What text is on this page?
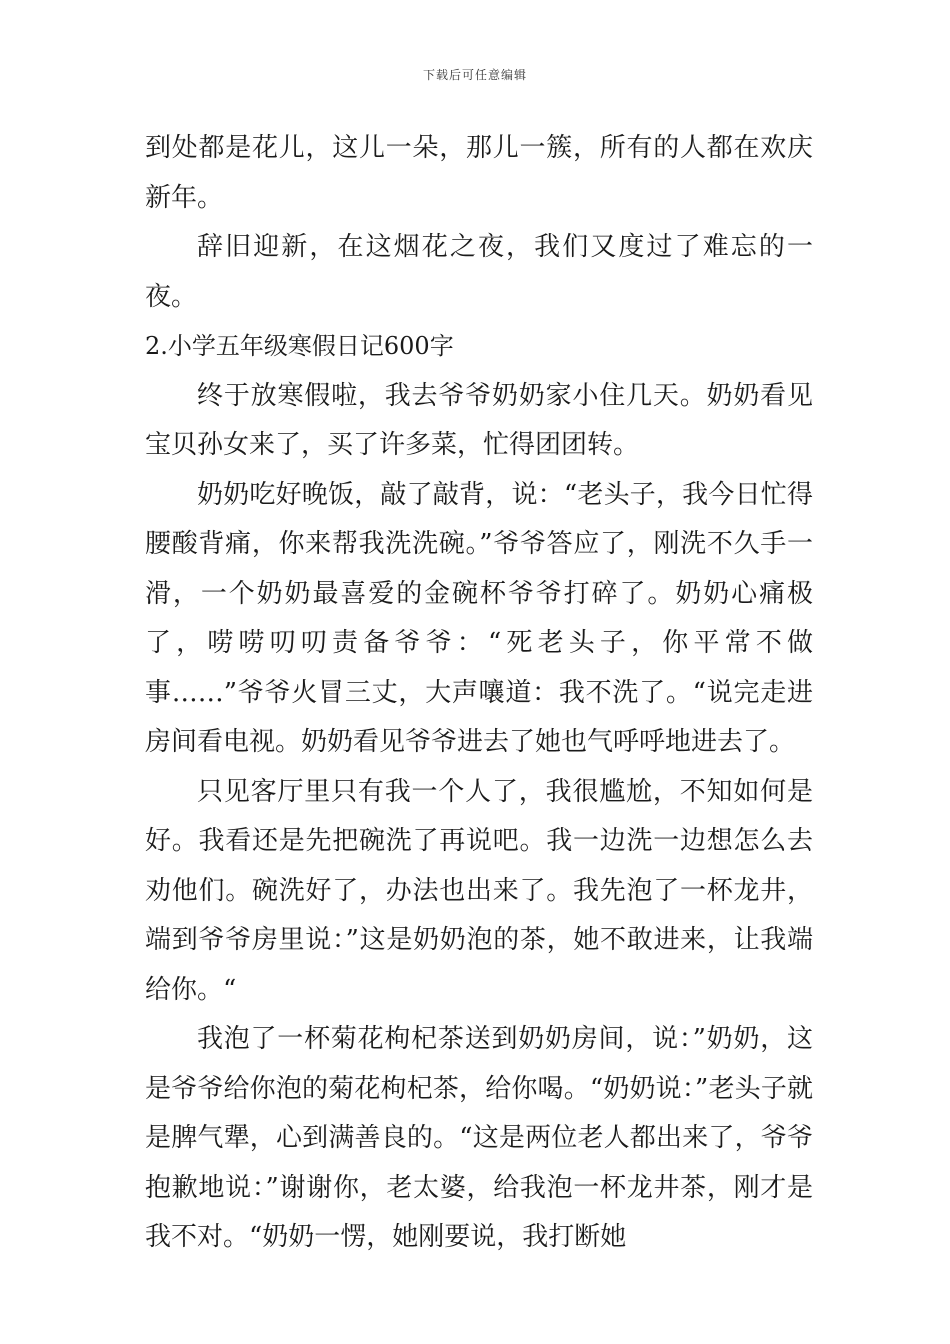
下载后可任意编辑

到处都是花儿，这儿一朵，那儿一簇，所有的人都在欢庆新年。

辞旧迎新，在这烟花之夜，我们又度过了难忘的一夜。

2.小学五年级寒假日记600字

终于放寒假啦，我去爷爷奶奶家小住几天。奶奶看见宝贝孙女来了，买了许多菜，忙得团团转。

奶奶吃好晚饭，敲了敲背，说：“老头子，我今日忙得腰酸背痛，你来帮我洗洗碗。”爷爷答应了，刚洗不久手一滑，一个奶奶最喜爱的金碗杯爷爷打碎了。奶奶心痛极了，唠唠叨叨责备爷爷：“死老头子，你平常不做事……”爷爷火冒三丈，大声嚷道：我不洗了。“说完走进房间看电视。奶奶看见爷爷进去了她也气呼呼地进去了。

只见客厅里只有我一个人了，我很尴尬，不知如何是好。我看还是先把碗洗了再说吧。我一边洗一边想怎么去劝他们。碗洗好了，办法也出来了。我先泡了一杯龙井，端到爷爷房里说：”这是奶奶泡的茶，她不敢进来，让我端给你。“

我泡了一杯菊花枸杞茶送到奶奶房间，说：”奶奶，这是爷爷给你泡的菊花枸杞茶，给你喝。“奶奶说：”老头子就是脾气犟，心到满善良的。“这是两位老人都出来了，爷爷抱歉地说：”谢谢你，老太婆，给我泡一杯龙井茶，刚才是我不对。“奶奶一愣，她刚要说，我打断她
